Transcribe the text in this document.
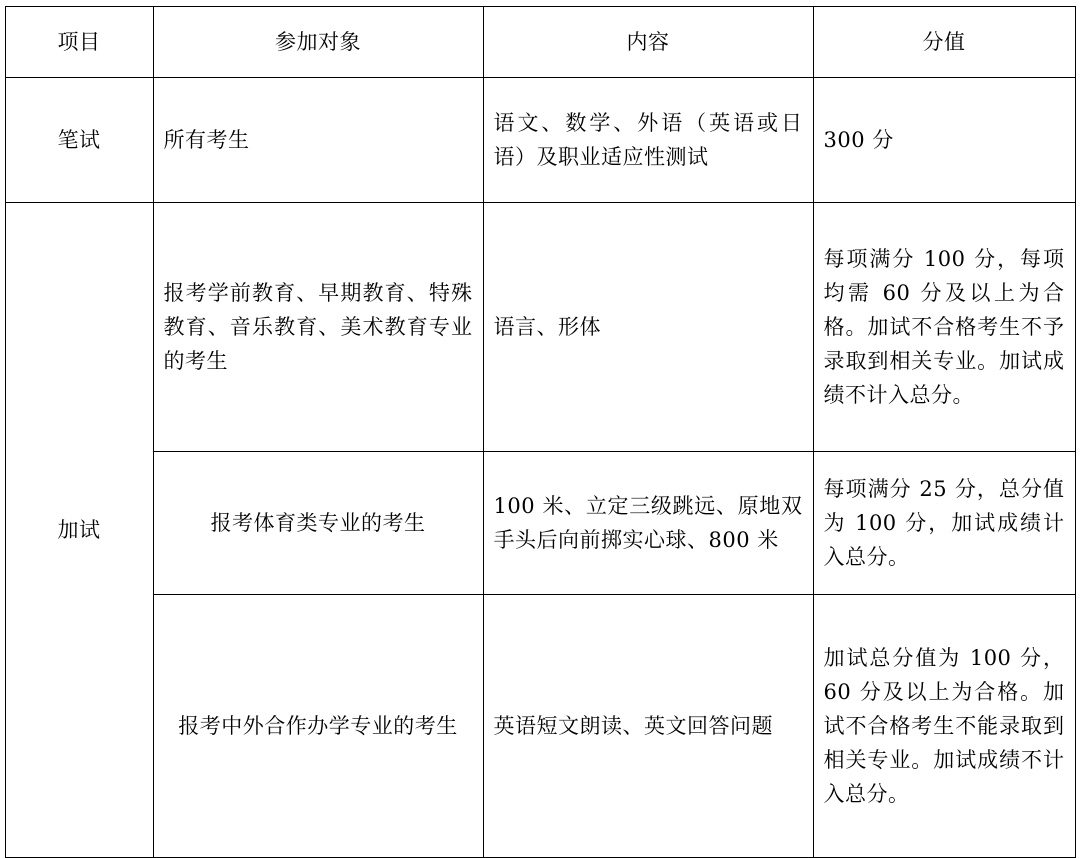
项目	参加对象	内容	分值
笔试	所有考生	语文、数学、外语（英语或日语）及职业适应性测试	300 分
加试	报考学前教育、早期教育、特殊教育、音乐教育、美术教育专业的考生	语言、形体	每项满分 100 分，每项均需 60 分及以上为合格。加试不合格考生不予录取到相关专业。加试成绩不计入总分。
	报考体育类专业的考生	100 米、立定三级跳远、原地双手头后向前掷实心球、800 米	每项满分 25 分，总分值为 100 分，加试成绩计入总分。
	报考中外合作办学专业的考生	英语短文朗读、英文回答问题	加试总分值为 100 分，60 分及以上为合格。加试不合格考生不能录取到相关专业。加试成绩不计入总分。
